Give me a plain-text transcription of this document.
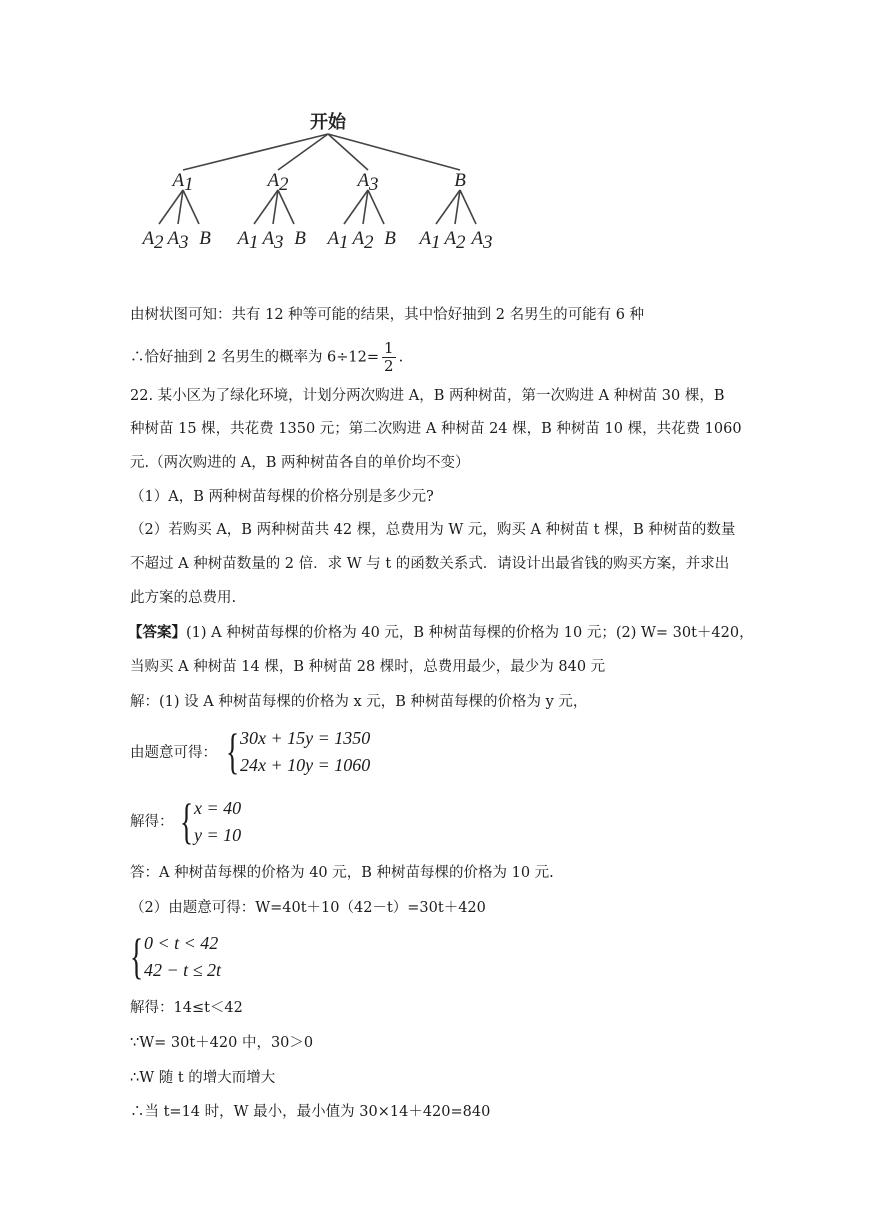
开始
A1
A2 A3 B
A2
A1 A3 B
A3
A1 A2 B
B
A1 A2 A3
由树状图可知：共有 12 种等可能的结果，其中恰好抽到 2 名男生的可能有 6 种
∴恰好抽到 2 名男生的概率为 $6\div 12= \frac{1}{2}$ .
22. 某小区为了绿化环境，计划分两次购进 A，B 两种树苗，第一次购进 A 种树苗 30 棵，B
种树苗 15 棵，共花费 1350 元；第二次购进 A 种树苗 24 棵，B 种树苗 10 棵，共花费 1060
元.（两次购进的 A，B 两种树苗各自的单价均不变）
（1）A，B 两种树苗每棵的价格分别是多少元?
（2）若购买 A，B 两种树苗共 42 棵，总费用为 W 元，购买 A 种树苗 t 棵，B 种树苗的数量
不超过 A 种树苗数量的 2 倍．求 W 与 t 的函数关系式．请设计出最省钱的购买方案，并求出
此方案的总费用.
【答案】(1) A 种树苗每棵的价格为 40 元，B 种树苗每棵的价格为 10 元；(2) W= 30t＋420，
当购买 A 种树苗 14 棵，B 种树苗 28 棵时，总费用最少，最少为 840 元
解：(1) 设 A 种树苗每棵的价格为 x 元，B 种树苗每棵的价格为 y 元，
由题意可得： { 30x + 15y = 1350
24x + 10y = 1060
解得： { x = 40
y = 10
答：A 种树苗每棵的价格为 40 元，B 种树苗每棵的价格为 10 元.
（2）由题意可得：W=40t＋10（42－t）=30t＋420
{ 0 < t < 42
42 − t ≤ 2t
解得：14≤t＜42
∵W= 30t＋420 中，30＞0
∴W 随 t 的增大而增大
∴当 t=14 时，W 最小，最小值为 30×14＋420=840
